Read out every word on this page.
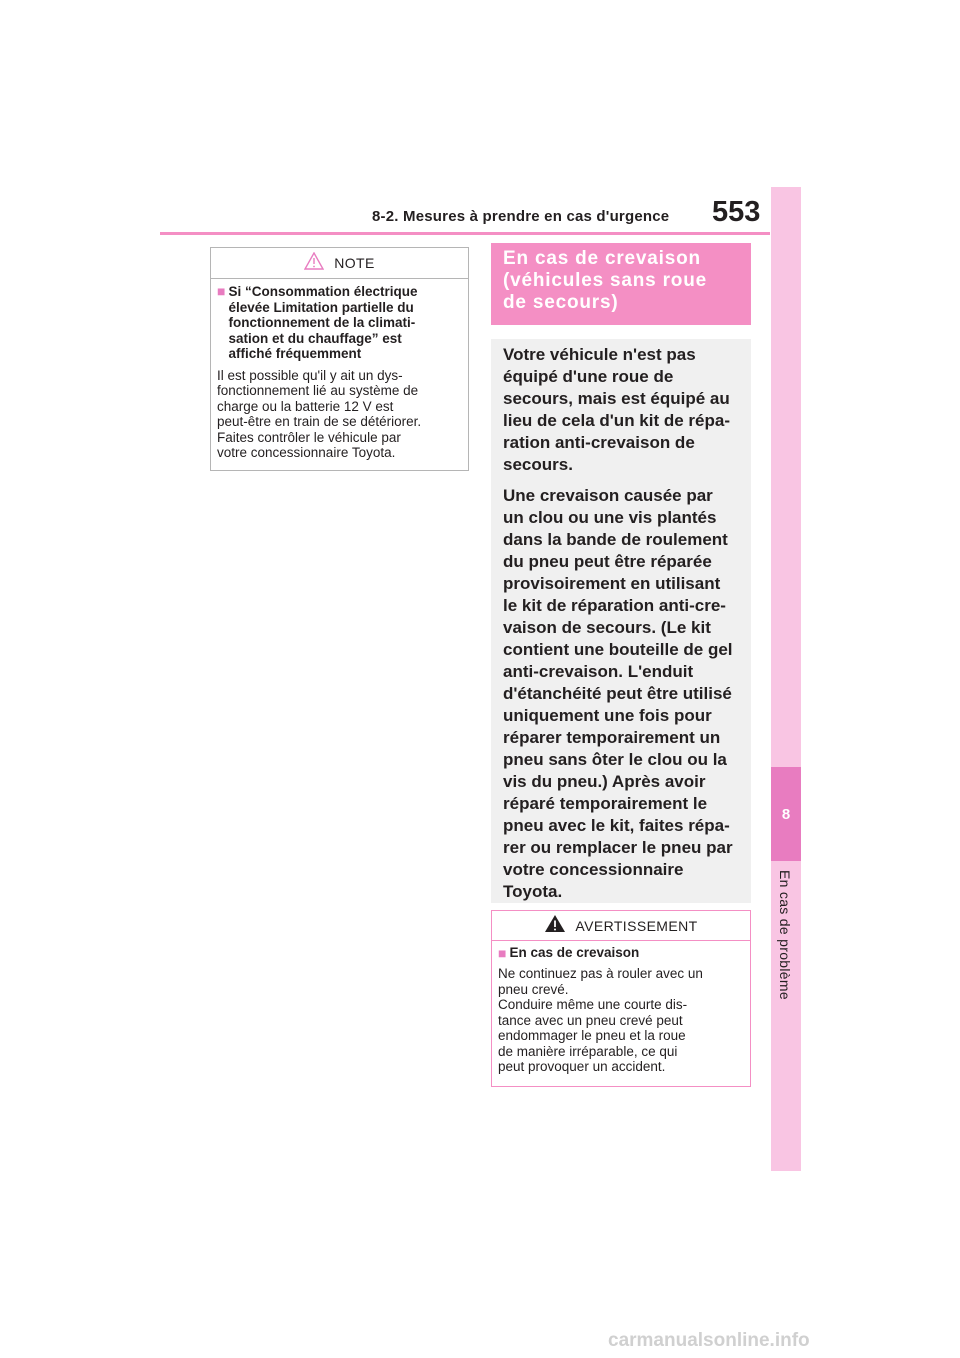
8-2. Mesures à prendre en cas d'urgence 553
8
En cas de problème
NOTE
■ Si “Consommation électrique
élevée Limitation partielle du
fonctionnement de la climati-
sation et du chauffage” est
affiché fréquemment
Il est possible qu'il y ait un dys-
fonctionnement lié au système de
charge ou la batterie 12 V est
peut-être en train de se détériorer.
Faites contrôler le véhicule par
votre concessionnaire Toyota.
En cas de crevaison
(véhicules sans roue
de secours)

Votre véhicule n'est pas
équipé d'une roue de
secours, mais est équipé au
lieu de cela d'un kit de répa-
ration anti-crevaison de
secours.

Une crevaison causée par
un clou ou une vis plantés
dans la bande de roulement
du pneu peut être réparée
provisoirement en utilisant
le kit de réparation anti-cre-
vaison de secours. (Le kit
contient une bouteille de gel
anti-crevaison. L'enduit
d'étanchéité peut être utilisé
uniquement une fois pour
réparer temporairement un
pneu sans ôter le clou ou la
vis du pneu.) Après avoir
réparé temporairement le
pneu avec le kit, faites répa-
rer ou remplacer le pneu par
votre concessionnaire
Toyota.

AVERTISSEMENT
■ En cas de crevaison
Ne continuez pas à rouler avec un
pneu crevé.
Conduire même une courte dis-
tance avec un pneu crevé peut
endommager le pneu et la roue
de manière irréparable, ce qui
peut provoquer un accident.
carmanualsonline.info
